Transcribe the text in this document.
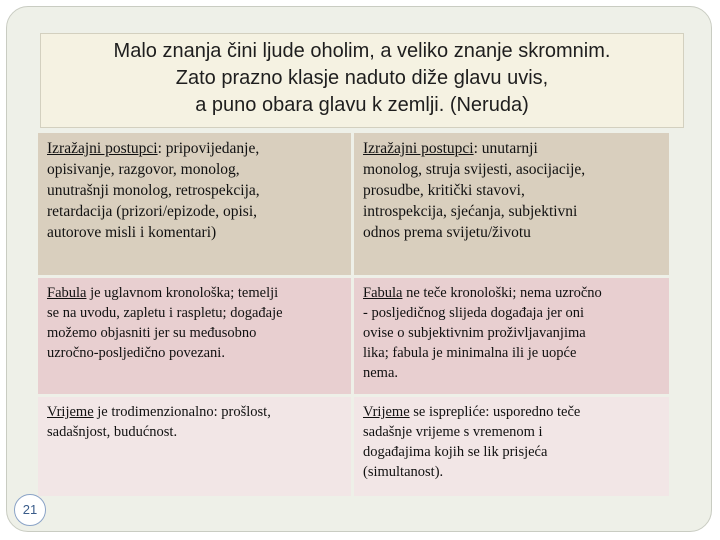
Malo znanja čini ljude oholim, a veliko znanje skromnim.
Zato prazno klasje naduto diže glavu uvis,
a puno obara glavu k zemlji. (Neruda)
Izražajni postupci: pripovijedanje,
opisivanje, razgovor, monolog,
unutrašnji monolog, retrospekcija,
retardacija (prizori/epizode, opisi,
autorove misli i komentari)
Izražajni postupci: unutarnji
monolog, struja svijesti, asocijacije,
prosudbe, kritički stavovi,
introspekcija, sjećanja, subjektivni
odnos prema svijetu/životu
Fabula je uglavnom kronološka; temelji
se na uvodu, zapletu i raspletu; događaje
možemo objasniti jer su međusobno
uzročno-posljedično povezani.
Fabula ne teče kronološki; nema uzročno
- posljedičnog slijeda događaja jer oni
ovise o subjektivnim proživljavanjima
lika; fabula je minimalna ili je uopće
nema.
Vrijeme je trodimenzionalno: prošlost,
sadašnjost, budućnost.
Vrijeme se isprepliće: usporedno teče
sadašnje vrijeme s vremenom i
događajima kojih se lik prisjeća
(simultanost).
21
